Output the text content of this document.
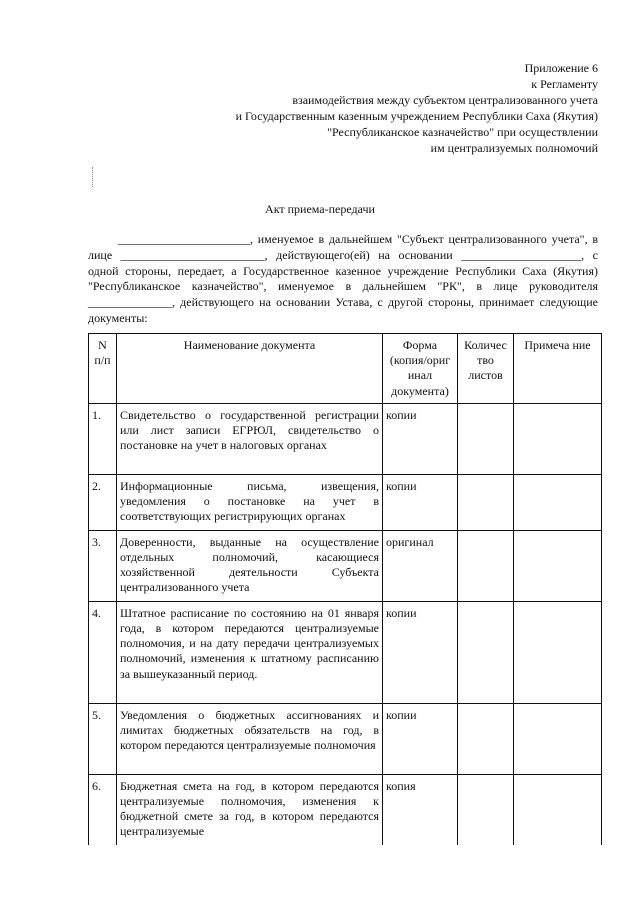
Приложение 6
к Регламенту
взаимодействия между субъектом централизованного учета
и Государственным казенным учреждением Республики Саха (Якутия)
"Республиканское казначейство" при осуществлении
им централизуемых полномочий
Акт приема-передачи

______________________, именуемое в дальнейшем "Субъект централизованного учета", в лице ________________________, действующего(ей) на основании ____________________, с одной стороны, передает, а Государственное казенное учреждение Республики Саха (Якутия) "Республиканское казначейство", именуемое в дальнейшем "РК", в лице руководителя ______________, действующего на основании Устава, с другой стороны, принимает следующие документы:

N п/п	Наименование документа	Форма (копия/ориг инал документа)	Количес тво листов	Примеча ние
1.	Свидетельство о государственной регистрации или лист записи ЕГРЮЛ, свидетельство о постановке на учет в налоговых органах	копии		
2.	Информационные письма, извещения, уведомления о постановке на учет в соответствующих регистрирующих органах	копии		
3.	Доверенности, выданные на осуществление отдельных полномочий, касающиеся хозяйственной деятельности Субъекта централизованного учета	оригинал		
4.	Штатное расписание по состоянию на 01 января года, в котором передаются централизуемые полномочия, и на дату передачи централизуемых полномочий, изменения к штатному расписанию за вышеуказанный период.	копии		
5.	Уведомления о бюджетных ассигнованиях и лимитах бюджетных обязательств на год, в котором передаются централизуемые полномочия	копии		
6.	Бюджетная смета на год, в котором передаются централизуемые полномочия, изменения к бюджетной смете за год, в котором передаются централизуемые	копия		
